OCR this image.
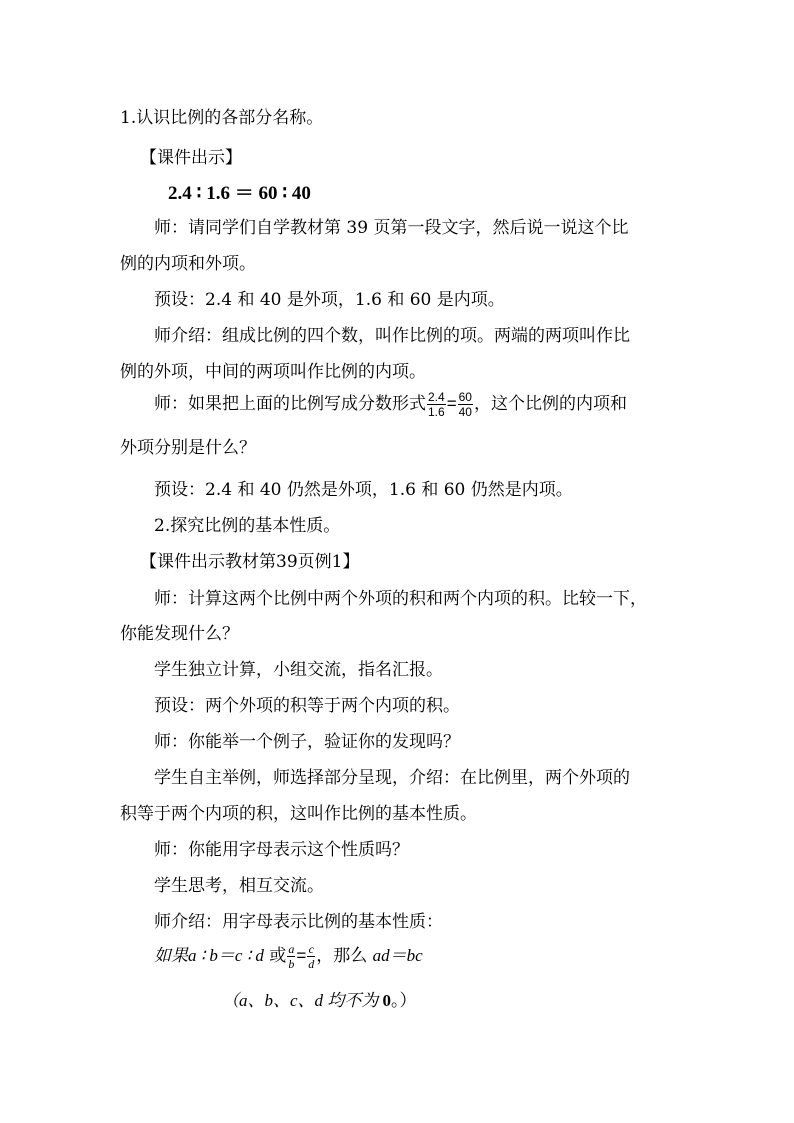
1.认识比例的各部分名称。
【课件出示】
2.4 ∶ 1.6 ＝ 60 ∶ 40
师：请同学们自学教材第 39 页第一段文字，然后说一说这个比
例的内项和外项。
预设：2.4 和 40 是外项，1.6 和 60 是内项。
师介绍：组成比例的四个数，叫作比例的项。两端的两项叫作比
例的外项，中间的两项叫作比例的内项。
师：如果把上面的比例写成分数形式 $\frac{2.4}{1.6} = \frac{60}{40}$ ，这个比例的内项和
外项分别是什么？
预设：2.4 和 40 仍然是外项，1.6 和 60 仍然是内项。
2.探究比例的基本性质。
【课件出示教材第39页例1】
师：计算这两个比例中两个外项的积和两个内项的积。比较一下，
你能发现什么？
学生独立计算，小组交流，指名汇报。
预设：两个外项的积等于两个内项的积。
师：你能举一个例子，验证你的发现吗？
学生自主举例，师选择部分呈现，介绍：在比例里，两个外项的
积等于两个内项的积，这叫作比例的基本性质。
师：你能用字母表示这个性质吗？
学生思考，相互交流。
师介绍：用字母表示比例的基本性质：
如果a ∶ b＝c ∶ d 或 $\frac{a}{b} = \frac{c}{d}$ ，那么 ad＝bc
（a、b、c、d 均不为 0。）
